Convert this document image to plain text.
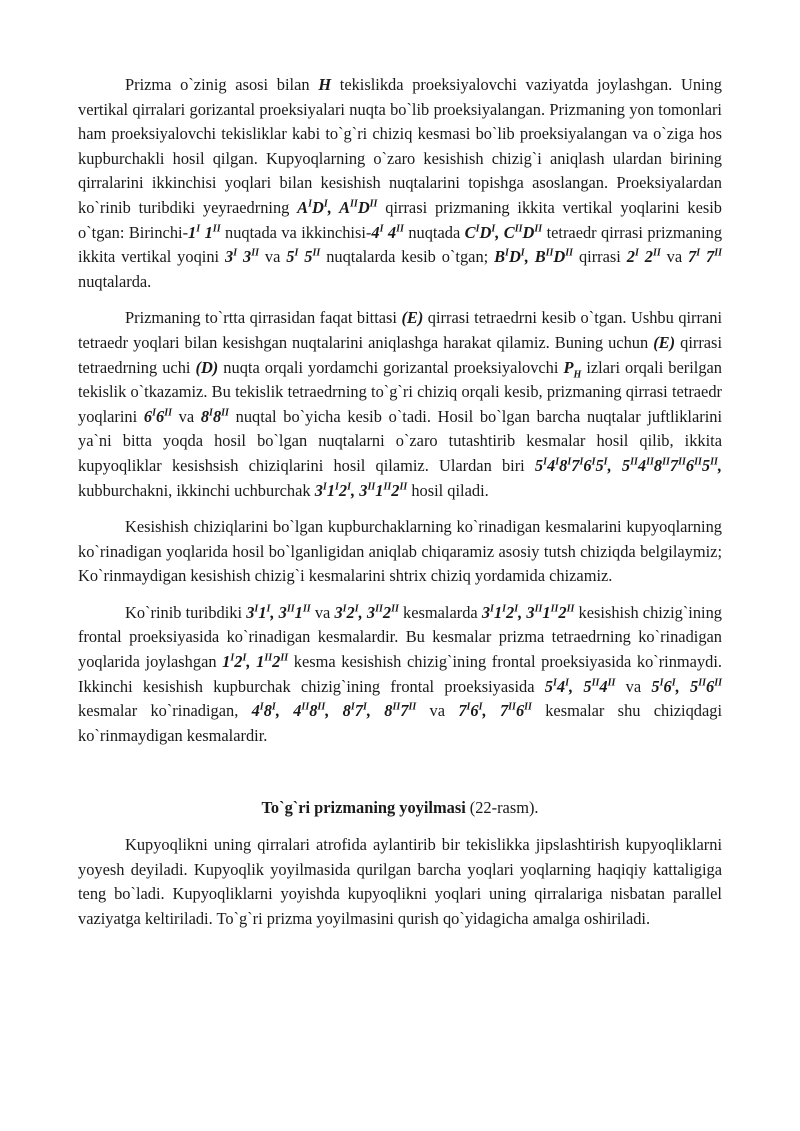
Prizma o`zinig asosi bilan H tekislikda proeksiyalovchi vaziyatda joylashgan. Uning vertikal qirralari gorizantal proeksiyalari nuqta bo`lib proeksiyalangan. Prizmaning yon tomonlari ham proeksiyalovchi tekisliklar kabi to`g`ri chiziq kesmasi bo`lib proeksiyalangan va o`ziga hos kupburchakli hosil qilgan. Kupyoqlarning o`zaro kesishish chizig`i aniqlash ulardan birining qirralarini ikkinchisi yoqlari bilan kesishish nuqtalarini topishga asoslangan. Proeksiyalardan ko`rinib turibdiki yeyraedrning $A^ID^I$, $A^{II}D^{II}$ qirrasi prizmaning ikkita vertikal yoqlarini kesib o`tgan: Birinchi-$1^I$ $1^{II}$ nuqtada va ikkinchisi-$4^I$ $4^{II}$ nuqtada $C^ID^I$, $C^{II}D^{II}$ tetraedr qirrasi prizmaning ikkita vertikal yoqini $3^I$ $3^{II}$ va $5^I$ $5^{II}$ nuqtalarda kesib o`tgan; $B^ID^I$, $B^{II}D^{II}$ qirrasi $2^I$ $2^{II}$ va $7^I$ $7^{II}$ nuqtalarda.

Prizmaning to`rtta qirrasidan faqat bittasi (E) qirrasi tetraedrni kesib o`tgan. Ushbu qirrani tetraedr yoqlari bilan kesishgan nuqtalarini aniqlashga harakat qilamiz. Buning uchun (E) qirrasi tetraedrning uchi (D) nuqta orqali yordamchi gorizantal proeksiyalovchi $P_H$ izlari orqali berilgan tekislik o`tkazamiz. Bu tekislik tetraedrning to`g`ri chiziq orqali kesib, prizmaning qirrasi tetraedr yoqlarini $6^I6^{II}$ va $8^I8^{II}$ nuqtal bo`yicha kesib o`tadi. Hosil bo`lgan barcha nuqtalar juftliklarini ya`ni bitta yoqda hosil bo`lgan nuqtalarni o`zaro tutashtirib kesmalar hosil qilib, ikkita kupyoqliklar kesishsish chiziqlarini hosil qilamiz. Ulardan biri $5^I4^I8^I7^I6^I5^I$, $5^{II}4^{II}8^{II}7^{II}6^{II}5^{II}$, kubburchakni, ikkinchi uchburchak $3^I1^I2^I$, $3^{II}1^{II}2^{II}$ hosil qiladi.

Kesishish chiziqlarini bo`lgan kupburchaklarning ko`rinadigan kesmalarini kupyoqlarning ko`rinadigan yoqlarida hosil bo`lganligidan aniqlab chiqaramiz asosiy tutsh chiziqda belgilaymiz; Ko`rinmaydigan kesishish chizig`i kesmalarini shtrix chiziq yordamida chizamiz.

Ko`rinib turibdiki $3^I1^I$, $3^{II}1^{II}$ va $3^I2^I$, $3^{II}2^{II}$ kesmalarda $3^I1^I2^I$, $3^{II}1^{II}2^{II}$ kesishish chizig`ining frontal proeksiyasida ko`rinadigan kesmalardir. Bu kesmalar prizma tetraedrning ko`rinadigan yoqlarida joylashgan $1^I2^I$, $1^{II}2^{II}$ kesma kesishish chizig`ining frontal proeksiyasida ko`rinmaydi. Ikkinchi kesishish kupburchak chizig`ining frontal proeksiyasida $5^I4^I$, $5^{II}4^{II}$ va $5^I6^I$, $5^{II}6^{II}$ kesmalar ko`rinadigan, $4^I8^I$, $4^{II}8^{II}$, $8^I7^I$, $8^{II}7^{II}$ va $7^I6^I$, $7^{II}6^{II}$ kesmalar shu chiziqdagi ko`rinmaydigan kesmalardir.

To`g`ri prizmaning yoyilmasi (22-rasm).

Kupyoqlikni uning qirralari atrofida aylantirib bir tekislikka jipslashtirish kupyoqliklarni yoyesh deyiladi. Kupyoqlik yoyilmasida qurilgan barcha yoqlari yoqlarning haqiqiy kattaligiga teng bo`ladi. Kupyoqliklarni yoyishda kupyoqlikni yoqlari uning qirralariga nisbatan parallel vaziyatga keltiriladi. To`g`ri prizma yoyilmasini qurish qo`yidagicha amalga oshiriladi.
